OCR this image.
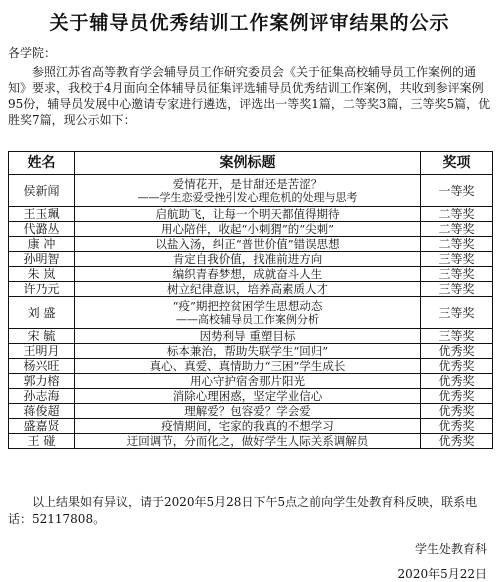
关于辅导员优秀结训工作案例评审结果的公示
各学院：
参照江苏省高等教育学会辅导员工作研究委员会《关于征集高校辅导员工作案例的通知》要求，我校于4月面向全体辅导员征集评选辅导员优秀结训工作案例，共收到参评案例95份，辅导员发展中心邀请专家进行遴选，评选出一等奖1篇，二等奖3篇，三等奖5篇，优胜奖7篇，现公示如下：
姓名	案例标题	奖项
侯新闻	爱情花开，是甘甜还是苦涩？
——学生恋爱受挫引发心理危机的处理与思考	一等奖
王玉珮	启航助飞，让每一个明天都值得期待	二等奖
代潞丛	用心陪伴，收起“小刺猬”的“尖刺”	二等奖
康 冲	以盐入汤，纠正“普世价值”错误思想	二等奖
孙明智	肯定自我价值，找准前进方向	三等奖
朱 岚	编织青春梦想，成就奋斗人生	三等奖
许乃元	树立纪律意识，培养高素质人才	三等奖
刘 盛	“疫”期把控贫困学生思想动态
——高校辅导员工作案例分析	三等奖
宋 毓	因势利导 重塑目标	三等奖
王明月	标本兼治，帮助失联学生“回归”	优秀奖
杨兴旺	真心、真爱、真情助力“三困”学生成长	优秀奖
郭力榕	用心守护宿舍那片阳光	优秀奖
孙志海	消除心理困惑，坚定学业信心	优秀奖
蒋俊超	理解爱？包容爱？学会爱	优秀奖
盛嘉贤	疫情期间，宅家的我真的不想学习	优秀奖
王 碰	迂回调节，分而化之，做好学生人际关系调解员	优秀奖
以上结果如有异议，请于2020年5月28日下午5点之前向学生处教育科反映，联系电话：52117808。
学生处教育科
2020年5月22日
